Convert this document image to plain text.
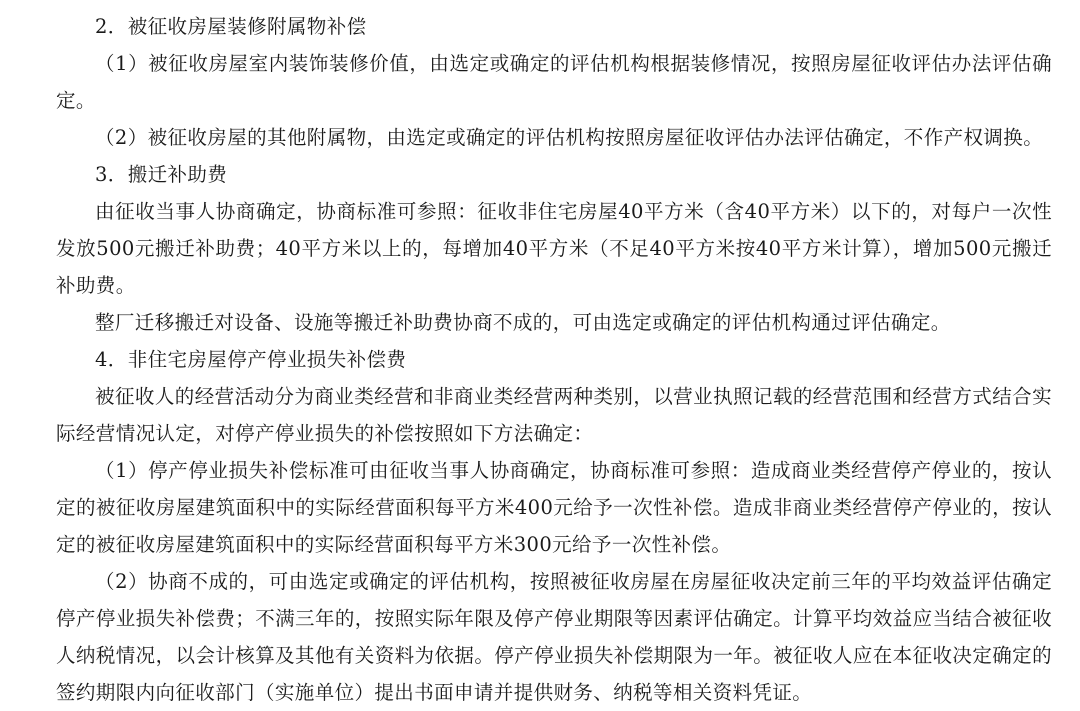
2．被征收房屋装修附属物补偿

（1）被征收房屋室内装饰装修价值，由选定或确定的评估机构根据装修情况，按照房屋征收评估办法评估确定。

（2）被征收房屋的其他附属物，由选定或确定的评估机构按照房屋征收评估办法评估确定，不作产权调换。

3．搬迁补助费

由征收当事人协商确定，协商标准可参照：征收非住宅房屋40平方米（含40平方米）以下的，对每户一次性发放500元搬迁补助费；40平方米以上的，每增加40平方米（不足40平方米按40平方米计算），增加500元搬迁补助费。

整厂迁移搬迁对设备、设施等搬迁补助费协商不成的，可由选定或确定的评估机构通过评估确定。

4．非住宅房屋停产停业损失补偿费

被征收人的经营活动分为商业类经营和非商业类经营两种类别，以营业执照记载的经营范围和经营方式结合实际经营情况认定，对停产停业损失的补偿按照如下方法确定：

（1）停产停业损失补偿标准可由征收当事人协商确定，协商标准可参照：造成商业类经营停产停业的，按认定的被征收房屋建筑面积中的实际经营面积每平方米400元给予一次性补偿。造成非商业类经营停产停业的，按认定的被征收房屋建筑面积中的实际经营面积每平方米300元给予一次性补偿。

（2）协商不成的，可由选定或确定的评估机构，按照被征收房屋在房屋征收决定前三年的平均效益评估确定停产停业损失补偿费；不满三年的，按照实际年限及停产停业期限等因素评估确定。计算平均效益应当结合被征收人纳税情况，以会计核算及其他有关资料为依据。停产停业损失补偿期限为一年。被征收人应在本征收决定确定的签约期限内向征收部门（实施单位）提出书面申请并提供财务、纳税等相关资料凭证。
